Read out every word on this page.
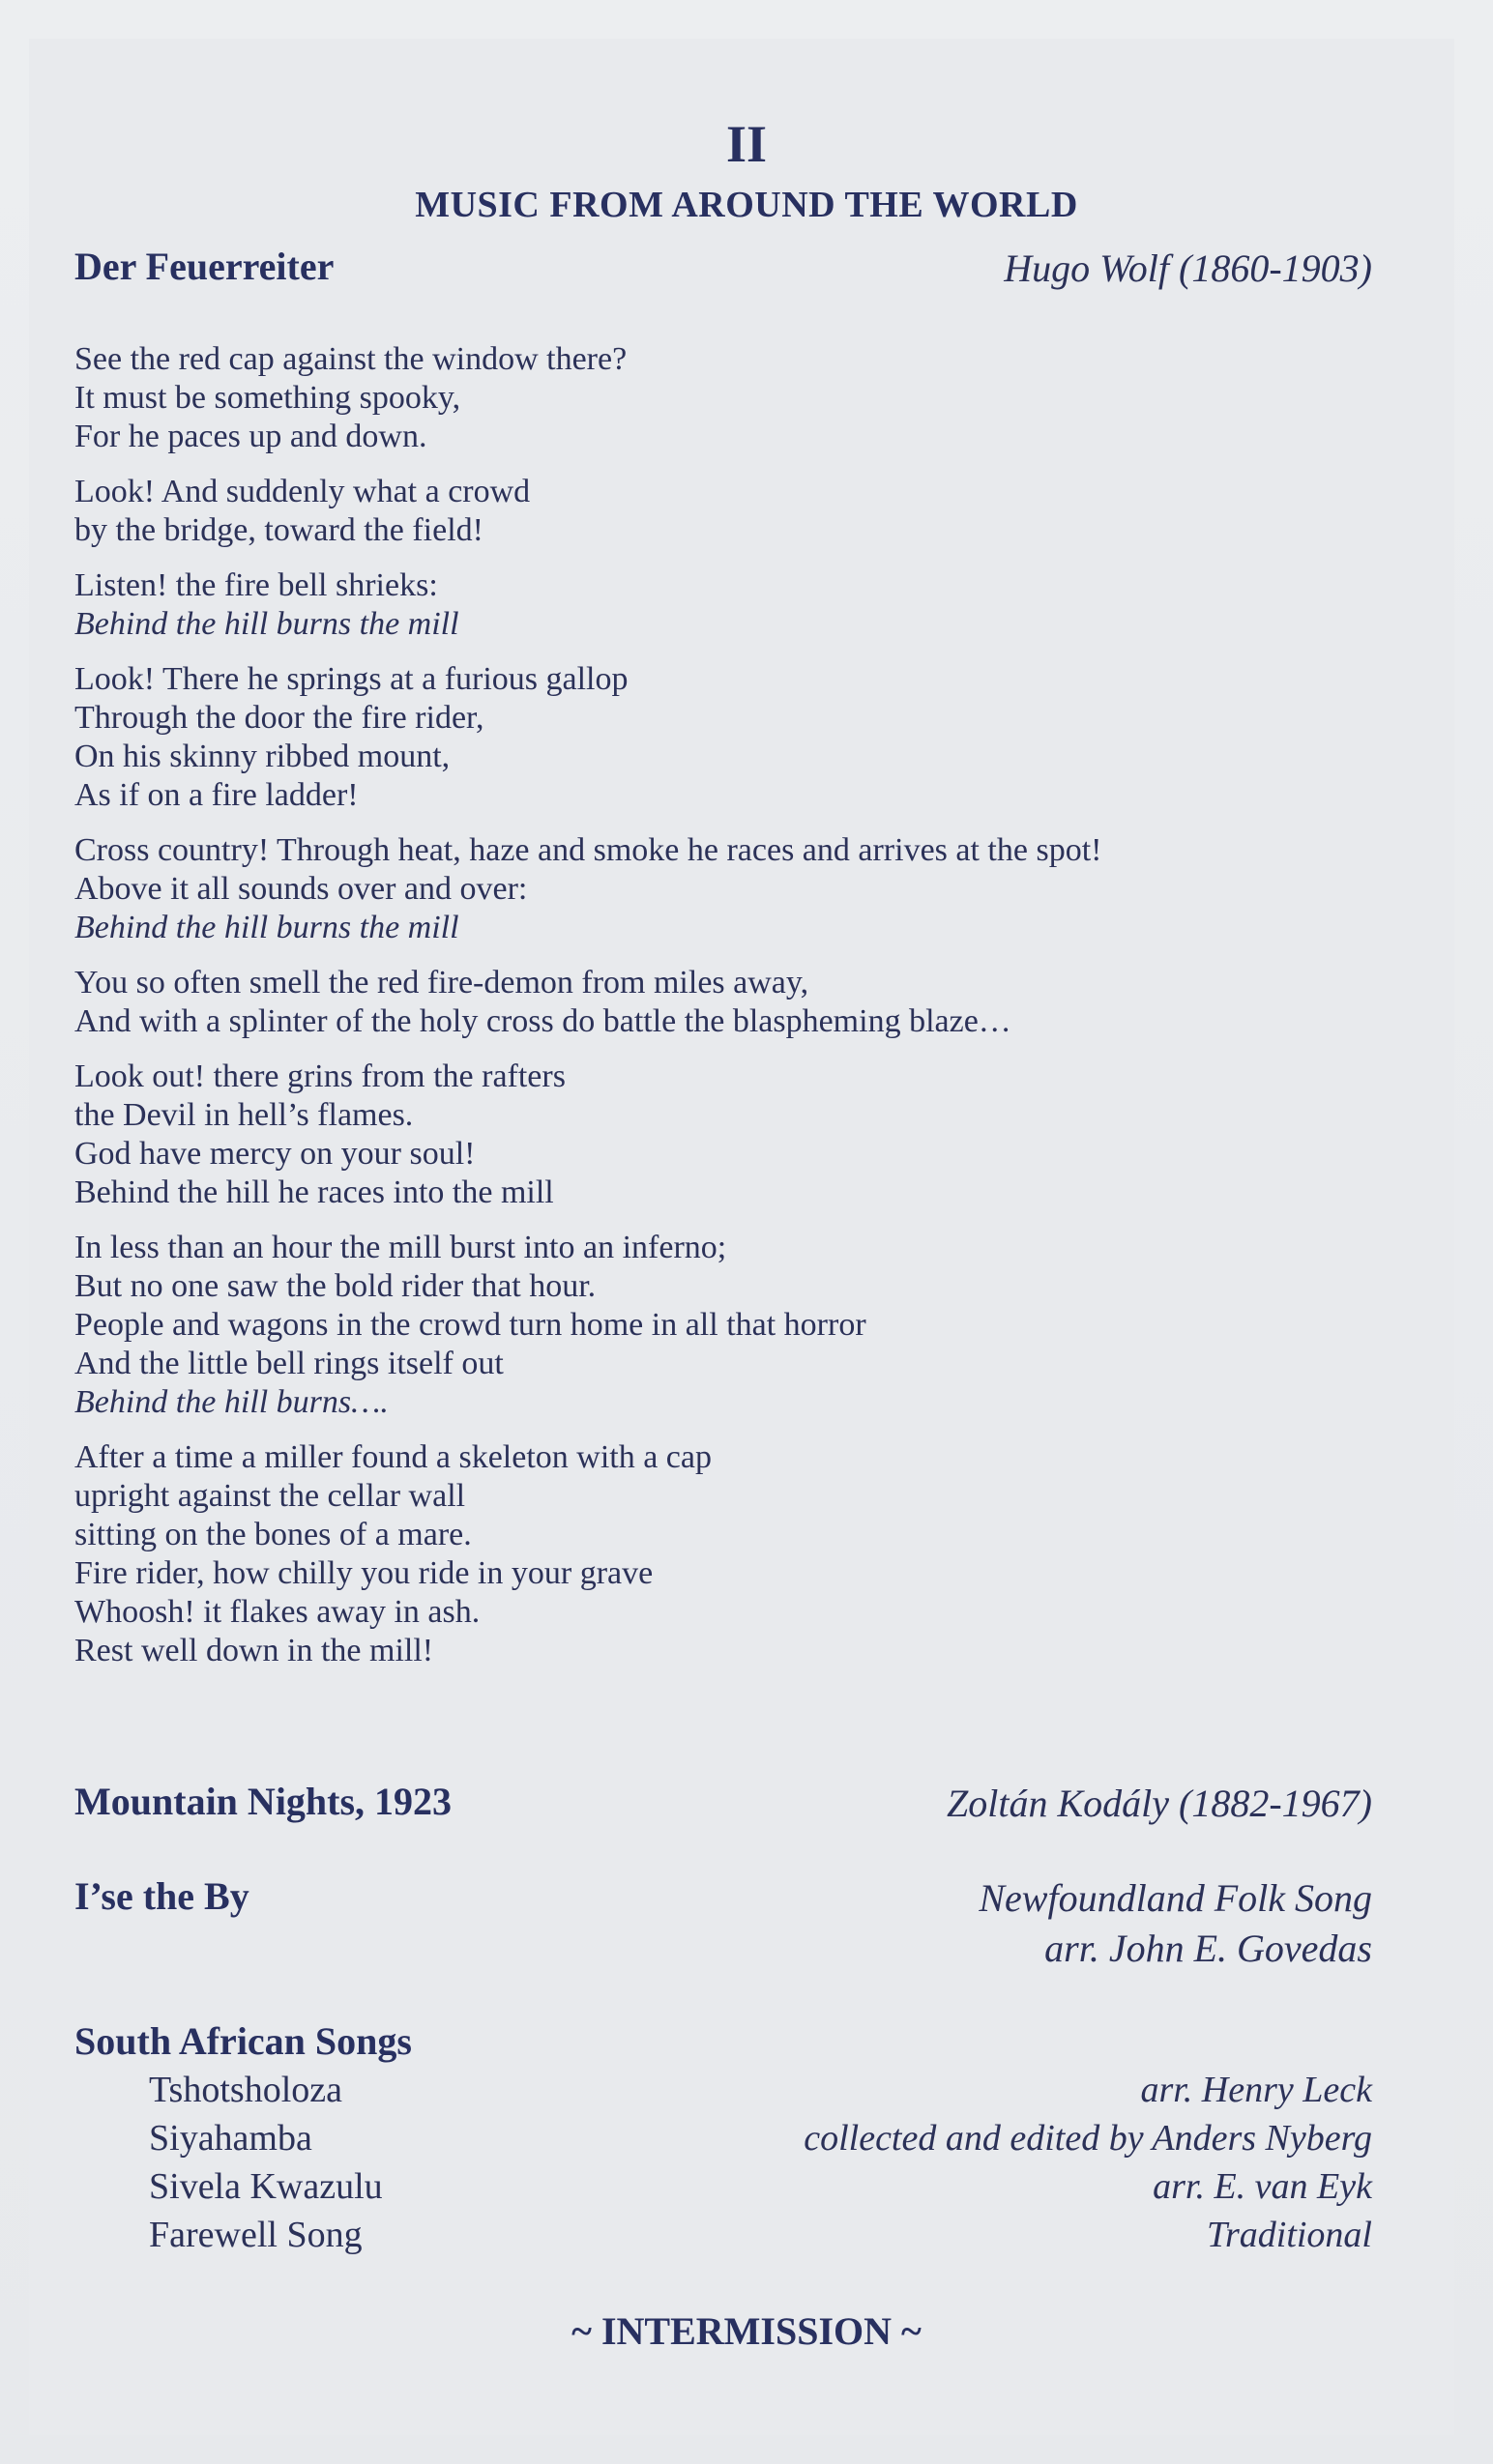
II
MUSIC FROM AROUND THE WORLD
Der Feuerreiter	Hugo Wolf (1860-1903)
See the red cap against the window there?
It must be something spooky,
For he paces up and down.
Look! And suddenly what a crowd
by the bridge, toward the field!
Listen! the fire bell shrieks:
Behind the hill burns the mill
Look! There he springs at a furious gallop
Through the door the fire rider,
On his skinny ribbed mount,
As if on a fire ladder!
Cross country! Through heat, haze and smoke he races and arrives at the spot!
Above it all sounds over and over:
Behind the hill burns the mill
You so often smell the red fire-demon from miles away,
And with a splinter of the holy cross do battle the blaspheming blaze…
Look out! there grins from the rafters
the Devil in hell’s flames.
God have mercy on your soul!
Behind the hill he races into the mill
In less than an hour the mill burst into an inferno;
But no one saw the bold rider that hour.
People and wagons in the crowd turn home in all that horror
And the little bell rings itself out
Behind the hill burns….
After a time a miller found a skeleton with a cap
upright against the cellar wall
sitting on the bones of a mare.
Fire rider, how chilly you ride in your grave
Whoosh! it flakes away in ash.
Rest well down in the mill!
Mountain Nights, 1923	Zoltán Kodály (1882-1967)
I’se the By	Newfoundland Folk Song
arr. John E. Govedas
South African Songs
Tshotsholoza	arr. Henry Leck
Siyahamba	collected and edited by Anders Nyberg
Sivela Kwazulu	arr. E. van Eyk
Farewell Song	Traditional
~ INTERMISSION ~
